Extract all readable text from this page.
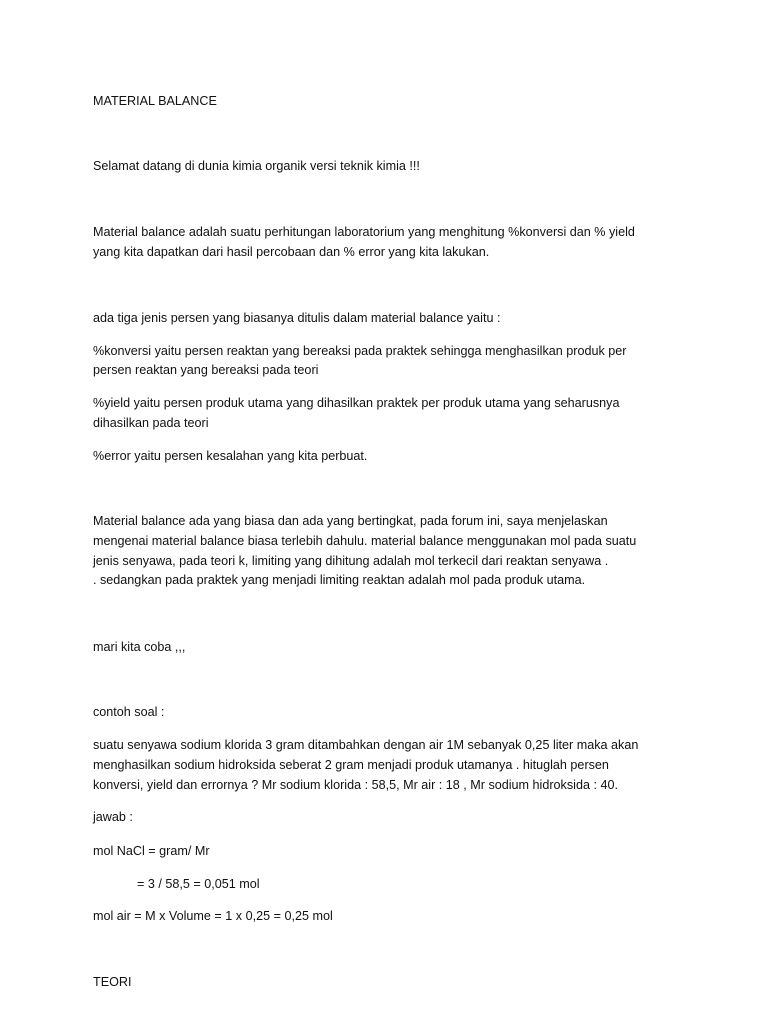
MATERIAL BALANCE
Selamat datang di dunia kimia organik versi teknik kimia !!!
Material balance adalah suatu perhitungan laboratorium yang menghitung %konversi dan % yield
yang kita dapatkan dari hasil percobaan dan % error yang kita lakukan.
ada tiga jenis persen yang biasanya ditulis dalam material balance yaitu :
%konversi yaitu persen reaktan yang bereaksi pada praktek sehingga menghasilkan produk per
persen reaktan yang bereaksi pada teori
%yield yaitu persen produk utama yang dihasilkan praktek per produk utama yang seharusnya
dihasilkan pada teori
%error yaitu persen kesalahan yang kita perbuat.
Material balance ada yang biasa dan ada yang bertingkat, pada forum ini, saya menjelaskan
mengenai material balance biasa terlebih dahulu. material balance menggunakan mol pada suatu
jenis senyawa, pada teori k, limiting yang dihitung adalah mol terkecil dari reaktan senyawa .
. sedangkan pada praktek yang menjadi limiting reaktan adalah mol pada produk utama.
mari kita coba ,,,
contoh soal :
suatu senyawa sodium klorida 3 gram ditambahkan dengan air 1M sebanyak 0,25 liter maka akan
menghasilkan sodium hidroksida seberat 2 gram menjadi produk utamanya . hituglah persen
konversi, yield dan errornya ? Mr sodium klorida : 58,5, Mr air : 18 , Mr sodium hidroksida : 40.
jawab :
mol NaCl = gram/ Mr
= 3 / 58,5 = 0,051 mol
mol air = M x Volume = 1 x 0,25 = 0,25 mol
TEORI
